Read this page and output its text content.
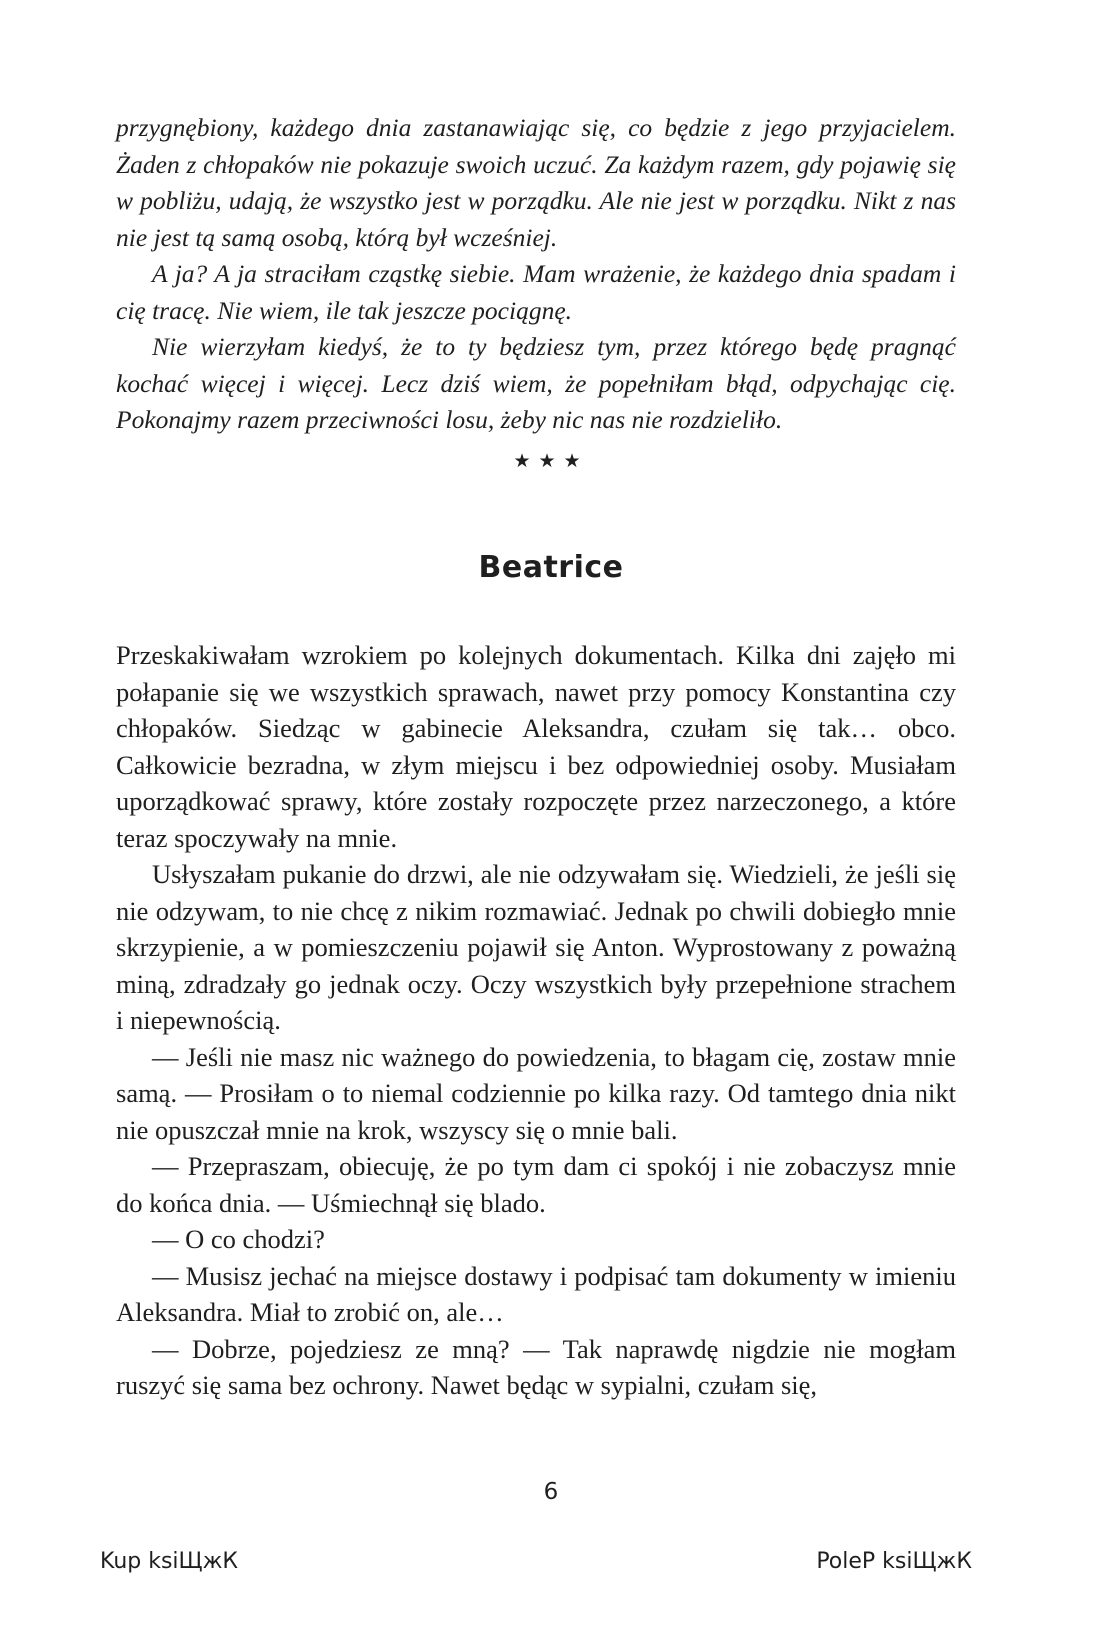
przygnębiony, każdego dnia zastanawiając się, co będzie z jego przyjacielem. Żaden z chłopaków nie pokazuje swoich uczuć. Za każdym razem, gdy pojawię się w pobliżu, udają, że wszystko jest w porządku. Ale nie jest w porządku. Nikt z nas nie jest tą samą osobą, którą był wcześniej.

A ja? A ja straciłam cząstkę siebie. Mam wrażenie, że każdego dnia spadam i cię tracę. Nie wiem, ile tak jeszcze pociągnę.

Nie wierzyłam kiedyś, że to ty będziesz tym, przez którego będę pragnąć kochać więcej i więcej. Lecz dziś wiem, że popełniłam błąd, odpychając cię. Pokonajmy razem przeciwności losu, żeby nic nas nie rozdzieliło.

★★★
Beatrice

Przeskakiwałam wzrokiem po kolejnych dokumentach. Kilka dni zajęło mi połapanie się we wszystkich sprawach, nawet przy pomocy Konstantina czy chłopaków. Siedząc w gabinecie Aleksandra, czułam się tak… obco. Całkowicie bezradna, w złym miejscu i bez odpowiedniej osoby. Musiałam uporządkować sprawy, które zostały rozpoczęte przez narzeczonego, a które teraz spoczywały na mnie.

Usłyszałam pukanie do drzwi, ale nie odzywałam się. Wiedzieli, że jeśli się nie odzywam, to nie chcę z nikim rozmawiać. Jednak po chwili dobiegło mnie skrzypienie, a w pomieszczeniu pojawił się Anton. Wyprostowany z poważną miną, zdradzały go jednak oczy. Oczy wszystkich były przepełnione strachem i niepewnością.

— Jeśli nie masz nic ważnego do powiedzenia, to błagam cię, zostaw mnie samą. — Prosiłam o to niemal codziennie po kilka razy. Od tamtego dnia nikt nie opuszczał mnie na krok, wszyscy się o mnie bali.

— Przepraszam, obiecuję, że po tym dam ci spokój i nie zobaczysz mnie do końca dnia. — Uśmiechnął się blado.

— O co chodzi?

— Musisz jechać na miejsce dostawy i podpisać tam dokumenty w imieniu Aleksandra. Miał to zrobić on, ale…

— Dobrze, pojedziesz ze mną? — Tak naprawdę nigdzie nie mogłam ruszyć się sama bez ochrony. Nawet będąc w sypialni, czułam się,

6
Kup ksiЩжК	PoleР ksiЩжК
